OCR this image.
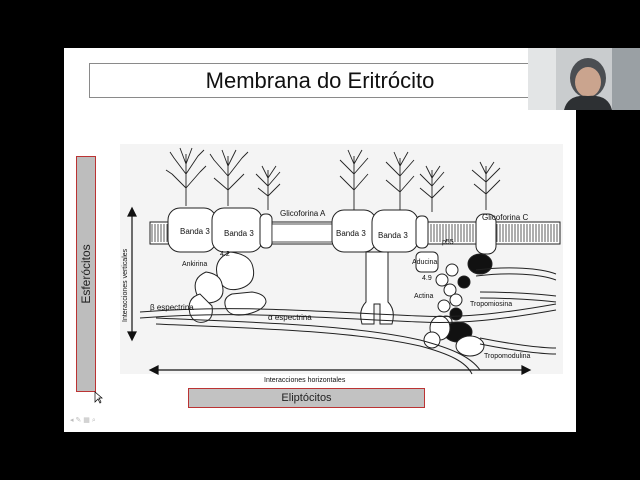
Membrana do Eritrócito
Esferócitos
Banda 3 Banda 3
Glicoforina A
Banda 3 Banda 3
Glicoforina C
Ankirina
4.2
β espectrina
α espectrina
Aducina
4.9
Actina
Tropomiosina
Tropomodulina
p55
Interacciones verticales
Interacciones horizontales
Eliptócitos
◂ ✎ ▦ ⌕
